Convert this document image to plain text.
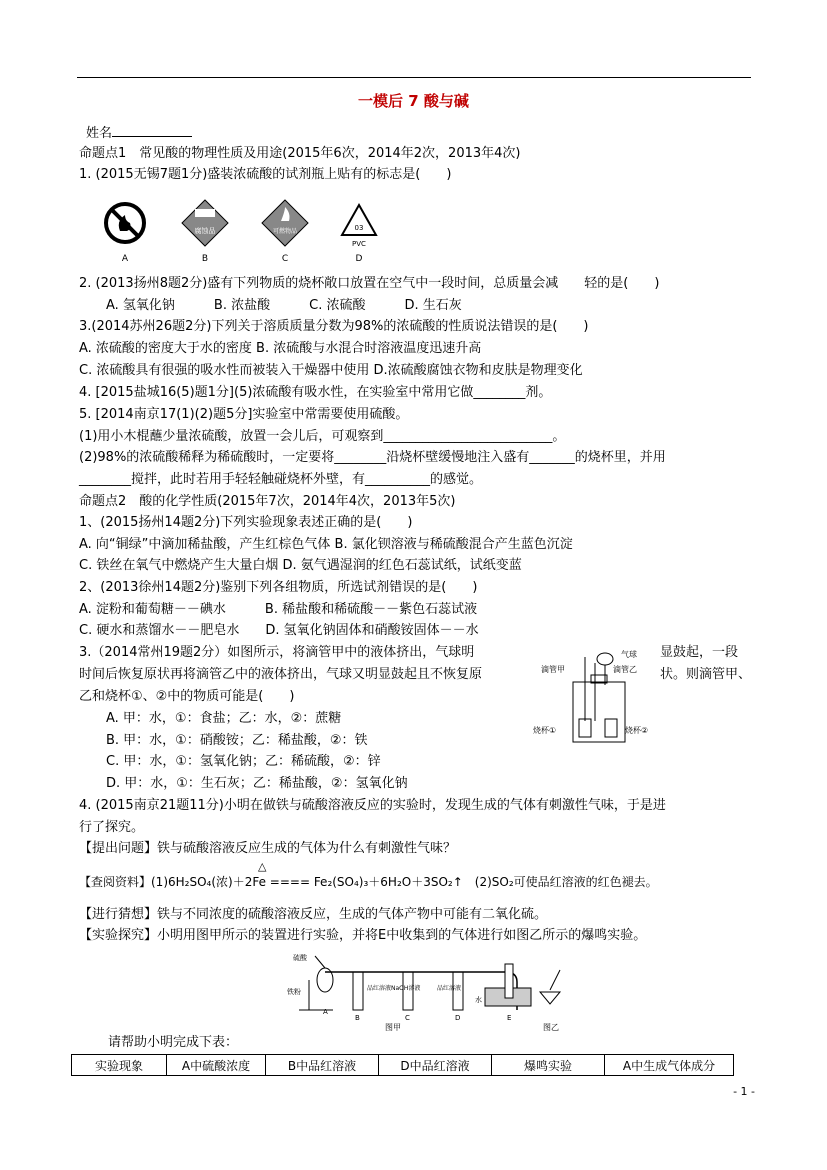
一模后 7 酸与碱
姓名
命题点1　常见酸的物理性质及用途(2015年6次，2014年2次，2013年4次)
1. (2015无锡7题1分)盛装浓硫酸的试剂瓶上贴有的标志是(　　)
腐蚀品	可燃物品	03
PVC
A	B	C	D
2. (2013扬州8题2分)盛有下列物质的烧杯敞口放置在空气中一段时间，总质量会减　　轻的是(　　)
A. 氢氧化钠　　　B. 浓盐酸　　　C. 浓硫酸　　　D. 生石灰
3.(2014苏州26题2分)下列关于溶质质量分数为98%的浓硫酸的性质说法错误的是(　　)
A. 浓硫酸的密度大于水的密度 B. 浓硫酸与水混合时溶液温度迅速升高
C. 浓硫酸具有很强的吸水性而被装入干燥器中使用 D.浓硫酸腐蚀衣物和皮肤是物理变化
4. [2015盐城16(5)题1分](5)浓硫酸有吸水性，在实验室中常用它做________剂。
5. [2014南京17(1)(2)题5分]实验室中常需要使用硫酸。
(1)用小木棍蘸少量浓硫酸，放置一会儿后，可观察到__________________________。
(2)98%的浓硫酸稀释为稀硫酸时，一定要将________沿烧杯壁缓慢地注入盛有_______的烧杯里，并用
________搅拌，此时若用手轻轻触碰烧杯外壁，有__________的感觉。
命题点2　酸的化学性质(2015年7次，2014年4次，2013年5次)
1、(2015扬州14题2分)下列实验现象表述正确的是(　　)
A. 向“铜绿”中滴加稀盐酸，产生红棕色气体 B. 氯化钡溶液与稀硫酸混合产生蓝色沉淀
C. 铁丝在氧气中燃烧产生大量白烟 D. 氨气遇湿润的红色石蕊试纸，试纸变蓝
2、(2013徐州14题2分)鉴别下列各组物质，所选试剂错误的是(　　)
A. 淀粉和葡萄糖－－碘水　　　B. 稀盐酸和稀硫酸－－紫色石蕊试液
C. 硬水和蒸馏水－－肥皂水　　D. 氢氧化钠固体和硝酸铵固体－－水
3.（2014常州19题2分）如图所示，将滴管甲中的液体挤出，气球明	显鼓起，一段
时间后恢复原状再将滴管乙中的液体挤出，气球又明显鼓起且不恢复原	状。则滴管甲、
乙和烧杯①、②中的物质可能是(　　)
A. 甲：水，①：食盐；乙：水，②：蔗糖
B. 甲：水，①：硝酸铵；乙：稀盐酸，②：铁
C. 甲：水，①：氢氧化钠；乙：稀硫酸，②：锌
D. 甲：水，①：生石灰；乙：稀盐酸，②：氢氧化钠
气球
滴管甲	滴管乙
烧杯①	烧杯②
4. (2015南京21题11分)小明在做铁与硫酸溶液反应的实验时，发现生成的气体有刺激性气味，于是进
行了探究。
【提出问题】铁与硫酸溶液反应生成的气体为什么有刺激性气味？
△
【查阅资料】(1)6H₂SO₄(浓)＋2Fe ==== Fe₂(SO₄)₃＋6H₂O＋3SO₂↑　(2)SO₂可使品红溶液的红色褪去。
【进行猜想】铁与不同浓度的硫酸溶液反应，生成的气体产物中可能有二氧化硫。
【实验探究】小明用图甲所示的装置进行实验，并将E中收集到的气体进行如图乙所示的爆鸣实验。
硫酸
铁粉	品红溶液 NaOH溶液	品红溶液
水
A
B	C	D	E
图甲	图乙
请帮助小明完成下表：
实验现象	A中硫酸浓度	B中品红溶液	D中品红溶液	爆鸣实验	A中生成气体成分
- 1 -
